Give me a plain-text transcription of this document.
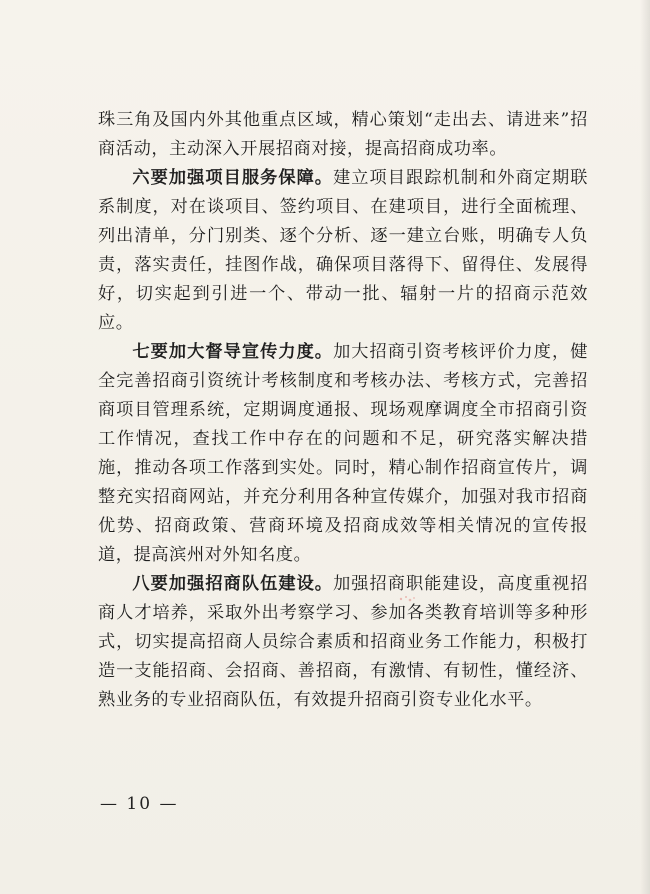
珠三角及国内外其他重点区域，精心策划“走出去、请进来”招商活动，主动深入开展招商对接，提高招商成功率。

六要加强项目服务保障。建立项目跟踪机制和外商定期联系制度，对在谈项目、签约项目、在建项目，进行全面梳理、列出清单，分门别类、逐个分析、逐一建立台账，明确专人负责，落实责任，挂图作战，确保项目落得下、留得住、发展得好，切实起到引进一个、带动一批、辐射一片的招商示范效应。

七要加大督导宣传力度。加大招商引资考核评价力度，健全完善招商引资统计考核制度和考核办法、考核方式，完善招商项目管理系统，定期调度通报、现场观摩调度全市招商引资工作情况，查找工作中存在的问题和不足，研究落实解决措施，推动各项工作落到实处。同时，精心制作招商宣传片，调整充实招商网站，并充分利用各种宣传媒介，加强对我市招商优势、招商政策、营商环境及招商成效等相关情况的宣传报道，提高滨州对外知名度。

八要加强招商队伍建设。加强招商职能建设，高度重视招商人才培养，采取外出考察学习、参加各类教育培训等多种形式，切实提高招商人员综合素质和招商业务工作能力，积极打造一支能招商、会招商、善招商，有激情、有韧性，懂经济、熟业务的专业招商队伍，有效提升招商引资专业化水平。

— 10 —
